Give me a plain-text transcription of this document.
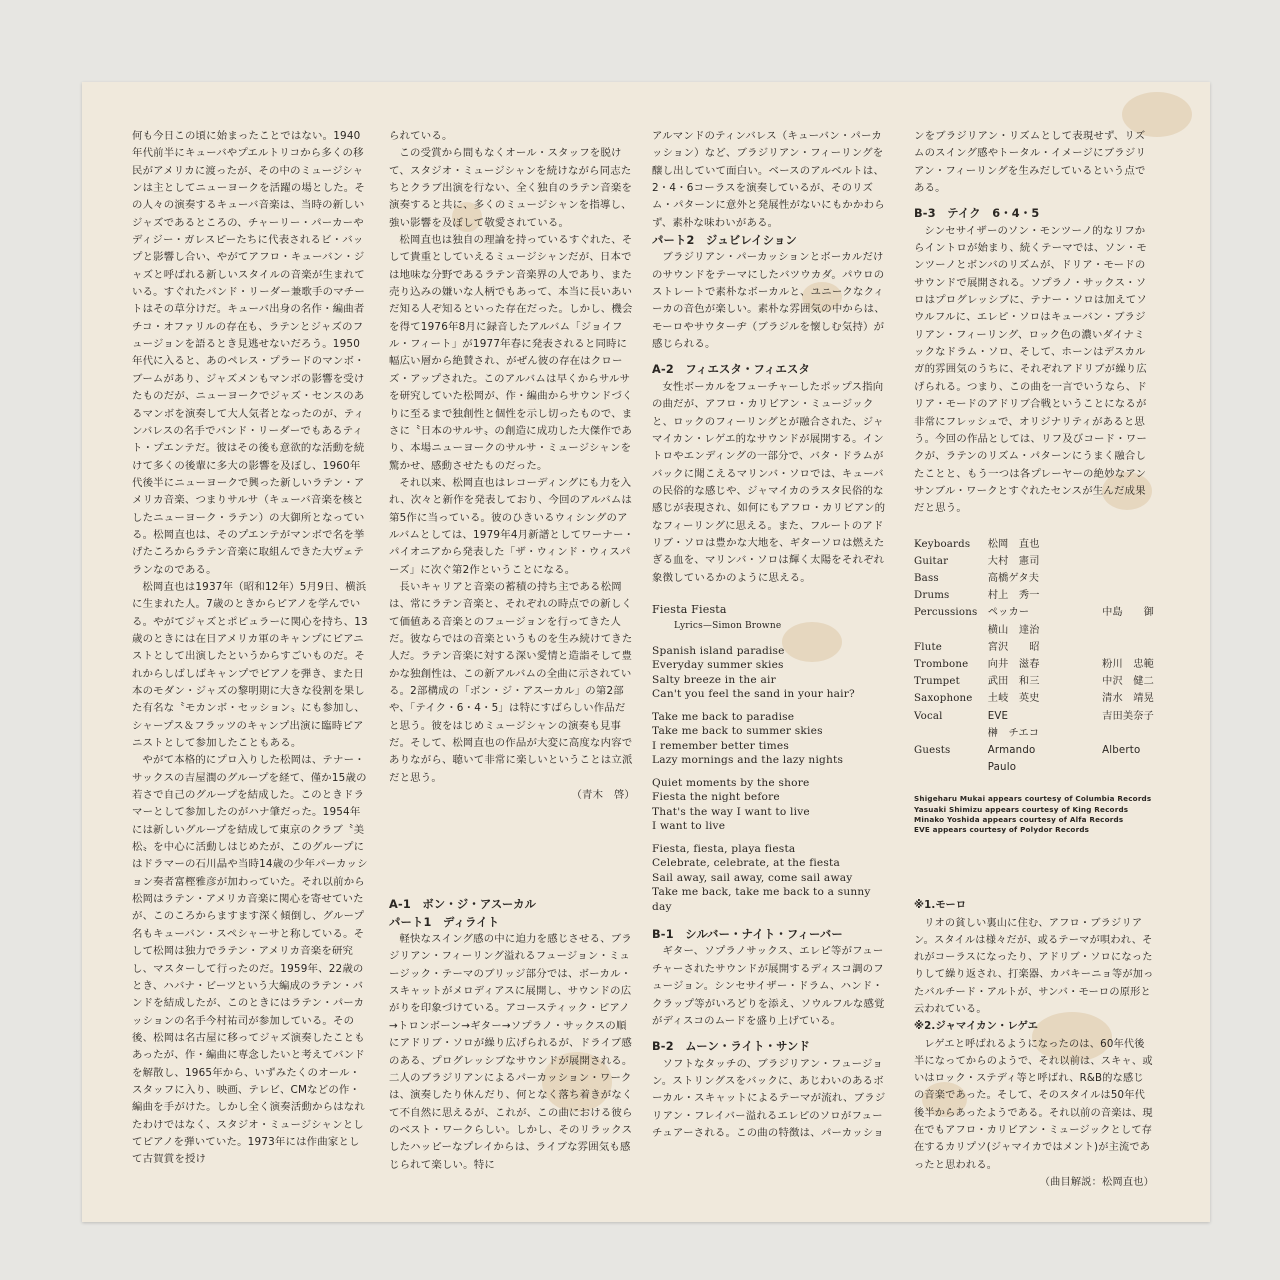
何も今日この頃に始まったことではない。1940年代前半にキューバやプエルトリコから多くの移民がアメリカに渡ったが、その中のミュージシャンは主としてニューヨークを活躍の場とした。その人々の演奏するキューバ音楽は、当時の新しいジャズであるところの、チャーリー・パーカーやディジー・ガレスピーたちに代表されるビ・バップと影響し合い、やがてアフロ・キューバン・ジャズと呼ばれる新しいスタイルの音楽が生まれている。すぐれたバンド・リーダー兼歌手のマチートはその草分けだ。キューバ出身の名作・編曲者チコ・オファリルの存在も、ラテンとジャズのフュージョンを語るとき見逃せないだろう。1950年代に入ると、あのペレス・プラードのマンボ・ブームがあり、ジャズメンもマンボの影響を受けたものだが、ニューヨークでジャズ・センスのあるマンボを演奏して大人気者となったのが、ティンバレスの名手でバンド・リーダーでもあるティト・プエンテだ。彼はその後も意欲的な活動を続けて多くの後輩に多大の影響を及ぼし、1960年代後半にニューヨークで興った新しいラテン・アメリカ音楽、つまりサルサ（キューバ音楽を核としたニューヨーク・ラテン）の大御所となっている。松岡直也は、そのプエンテがマンボで名を挙げたころからラテン音楽に取組んできた大ヴェテランなのである。

松岡直也は1937年（昭和12年）5月9日、横浜に生まれた人。7歳のときからピアノを学んでいる。やがてジャズとポピュラーに関心を持ち、13歳のときには在日アメリカ軍のキャンプにピアニストとして出演したというからすごいものだ。それからしばしばキャンプでピアノを弾き、また日本のモダン・ジャズの黎明期に大きな役割を果した有名な〝モカンボ・セッション〟にも参加し、シャープス＆フラッツのキャンプ出演に臨時ピアニストとして参加したこともある。

やがて本格的にプロ入りした松岡は、テナー・サックスの吉屋潤のグループを経て、僅か15歳の若さで自己のグループを結成した。このときドラマーとして参加したのがハナ肇だった。1954年には新しいグループを結成して東京のクラブ〝美松〟を中心に活動しはじめたが、このグループにはドラマーの石川晶や当時14歳の少年パーカッション奏者富樫雅彦が加わっていた。それ以前から松岡はラテン・アメリカ音楽に関心を寄せていたが、このころからますます深く傾倒し、グループ名もキューバン・スペシャーサと称している。そして松岡は独力でラテン・アメリカ音楽を研究し、マスターして行ったのだ。1959年、22歳のとき、ハバナ・ビーツという大編成のラテン・バンドを結成したが、このときにはラテン・パーカッションの名手今村祐司が参加している。その後、松岡は名古屋に移ってジャズ演奏したこともあったが、作・編曲に専念したいと考えてバンドを解散し、1965年から、いずみたくのオール・スタッフに入り、映画、テレビ、CMなどの作・編曲を手がけた。しかし全く演奏活動からはなれたわけではなく、スタジオ・ミュージシャンとしてピアノを弾いていた。1973年には作曲家として古賀賞を授け

られている。

この受賞から間もなくオール・スタッフを脱けて、スタジオ・ミュージシャンを続けながら同志たちとクラブ出演を行ない、全く独自のラテン音楽を演奏すると共に、多くのミュージシャンを指導し、強い影響を及ぼして敬愛されている。

松岡直也は独自の理論を持っているすぐれた、そして貴重としていえるミュージシャンだが、日本では地味な分野であるラテン音楽界の人であり、また売り込みの嫌いな人柄でもあって、本当に長いあいだ知る人ぞ知るといった存在だった。しかし、機会を得て1976年8月に録音したアルバム「ジョイフル・フィート」が1977年春に発表されると同時に幅広い層から絶賛され、がぜん彼の存在はクローズ・アップされた。このアルバムは早くからサルサを研究していた松岡が、作・編曲からサウンドづくりに至るまで独創性と個性を示し切ったもので、まさに〝日本のサルサ〟の創造に成功した大傑作であり、本場ニューヨークのサルサ・ミュージシャンを驚かせ、感動させたものだった。

それ以来、松岡直也はレコーディングにも力を入れ、次々と新作を発表しており、今回のアルバムは第5作に当っている。彼のひきいるウィシングのアルバムとしては、1979年4月新譜としてワーナー・パイオニアから発表した「ザ・ウィンド・ウィスパーズ」に次ぐ第2作ということになる。

長いキャリアと音楽の蓄積の持ち主である松岡は、常にラテン音楽と、それぞれの時点での新しくて価値ある音楽とのフュージョンを行ってきた人だ。彼ならではの音楽というものを生み続けてきた人だ。ラテン音楽に対する深い愛情と造詣そして豊かな独創性は、この新アルバムの全曲に示されている。2部構成の「ボン・ジ・アスーカル」の第2部や、「テイク・6・4・5」は特にすばらしい作品だと思う。彼をはじめミュージシャンの演奏も見事だ。そして、松岡直也の作品が大変に高度な内容でありながら、聴いて非常に楽しいということは立派だと思う。

（青木　啓）

A-1　ボン・ジ・アスーカル

パート1　ディライト

軽快なスイング感の中に迫力を感じさせる、ブラジリアン・フィーリング溢れるフュージョン・ミュージック・テーマのブリッジ部分では、ボーカル・スキャットがメロディアスに展開し、サウンドの広がりを印象づけている。アコースティック・ピアノ→トロンボーン→ギター→ソプラノ・サックスの順にアドリブ・ソロが繰り広げられるが、ドライブ感のある、プログレッシブなサウンドが展開される。二人のブラジリアンによるパーカッション・ワークは、演奏したり休んだり、何となく落ち着きがなくて不自然に思えるが、これが、この曲における彼らのベスト・ワークらしい。しかし、そのリラックスしたハッピーなプレイからは、ライブな雰囲気も感じられて楽しい。特に

アルマンドのティンバレス（キューバン・パーカッション）など、ブラジリアン・フィーリングを醸し出していて面白い。ベースのアルベルトは、2・4・6コーラスを演奏しているが、そのリズム・パターンに意外と発展性がないにもかかわらず、素朴な味わいがある。

パート2　ジュビレイション

ブラジリアン・パーカッションとボーカルだけのサウンドをテーマにしたバツウカダ。パウロのストレートで素朴なボーカルと、ユニークなクィーカの音色が楽しい。素朴な雰囲気の中からは、モーロやサウターヂ（ブラジルを懐しむ気持）が感じられる。

A-2　フィエスタ・フィエスタ

女性ボーカルをフューチャーしたポップス指向の曲だが、アフロ・カリビアン・ミュージックと、ロックのフィーリングとが融合された、ジャマイカン・レゲエ的なサウンドが展開する。イントロやエンディングの一部分で、バタ・ドラムがバックに聞こえるマリンバ・ソロでは、キューバの民俗的な感じや、ジャマイカのラスタ民俗的な感じが表現され、如何にもアフロ・カリビアン的なフィーリングに思える。また、フルートのアドリブ・ソロは豊かな大地を、ギターソロは燃えたぎる血を、マリンバ・ソロは輝く太陽をそれぞれ象徴しているかのように思える。

Fiesta Fiesta
Lyrics—Simon Browne
Spanish island paradise
Everyday summer skies
Salty breeze in the air
Can't you feel the sand in your hair?
Take me back to paradise
Take me back to summer skies
I remember better times
Lazy mornings and the lazy nights
Quiet moments by the shore
Fiesta the night before
That's the way I want to live
I want to live
Fiesta, fiesta, playa fiesta
Celebrate, celebrate, at the fiesta
Sail away, sail away, come sail away
Take me back, take me back to a sunny day

B-1　シルバー・ナイト・フィーバー

ギター、ソプラノサックス、エレピ等がフューチャーされたサウンドが展開するディスコ調のフュージョン。シンセサイザー・ドラム、ハンド・クラップ等がいろどりを添え、ソウルフルな感覚がディスコのムードを盛り上げている。

B-2　ムーン・ライト・サンド

ソフトなタッチの、ブラジリアン・フュージョン。ストリングスをバックに、あじわいのあるボーカル・スキャットによるテーマが流れ、ブラジリアン・フレイバー溢れるエレピのソロがフューチュアーされる。この曲の特徴は、パーカッショ

ンをブラジリアン・リズムとして表現せず、リズムのスイング感やトータル・イメージにブラジリアン・フィーリングを生みだしているという点である。

B-3　テイク　6・4・5

シンセサイザーのソン・モンツーノ的なリフからイントロが始まり、続くテーマでは、ソン・モンツーノとボンバのリズムが、ドリア・モードのサウンドで展開される。ソプラノ・サックス・ソロはプログレッシブに、テナー・ソロは加えてソウルフルに、エレピ・ソロはキューバン・ブラジリアン・フィーリング、ロック色の濃いダイナミックなドラム・ソロ、そして、ホーンはデスカルガ的雰囲気のうちに、それぞれアドリブが繰り広げられる。つまり、この曲を一言でいうなら、ドリア・モードのアドリブ合戦ということになるが非常にフレッシュで、オリジナリティがあると思う。今回の作品としては、リフ及びコード・ワークが、ラテンのリズム・パターンにうまく融合したことと、もう一つは各プレーヤーの絶妙なアンサンブル・ワークとすぐれたセンスが生んだ成果だと思う。

Keyboards	松岡　直也	
Guitar	大村　憲司	
Bass	高橋ゲタ夫	
Drums	村上　秀一	
Percussions	ペッカー	中島　　御
	横山　達治	
Flute	宮沢　　昭	
Trombone	向井　滋春	粉川　忠範
Trumpet	武田　和三	中沢　健二
Saxophone	土岐　英史	清水　靖晃
Vocal	EVE	吉田美奈子
	榊　チエコ	
Guests	Armando	Alberto
	Paulo	
Shigeharu Mukai appears courtesy of Columbia Records
Yasuaki Shimizu appears courtesy of King Records
Minako Yoshida appears courtesy of Alfa Records
EVE appears courtesy of Polydor Records

※1.モーロ

リオの貧しい裏山に住む、アフロ・ブラジリアン。スタイルは様々だが、或るテーマが唄われ、それがコーラスになったり、アドリブ・ソロになったりして繰り返され、打楽器、カバキーニョ等が加ったバルチード・アルトが、サンバ・モーロの原形と云われている。

※2.ジャマイカン・レゲエ

レゲエと呼ばれるようになったのは、60年代後半になってからのようで、それ以前は、スキャ、或いはロック・ステディ等と呼ばれ、R&B的な感じの音楽であった。そして、そのスタイルは50年代後半からあったようである。それ以前の音楽は、現在でもアフロ・カリビアン・ミュージックとして存在するカリプソ(ジャマイカではメント)が主流であったと思われる。

（曲目解説：松岡直也）
